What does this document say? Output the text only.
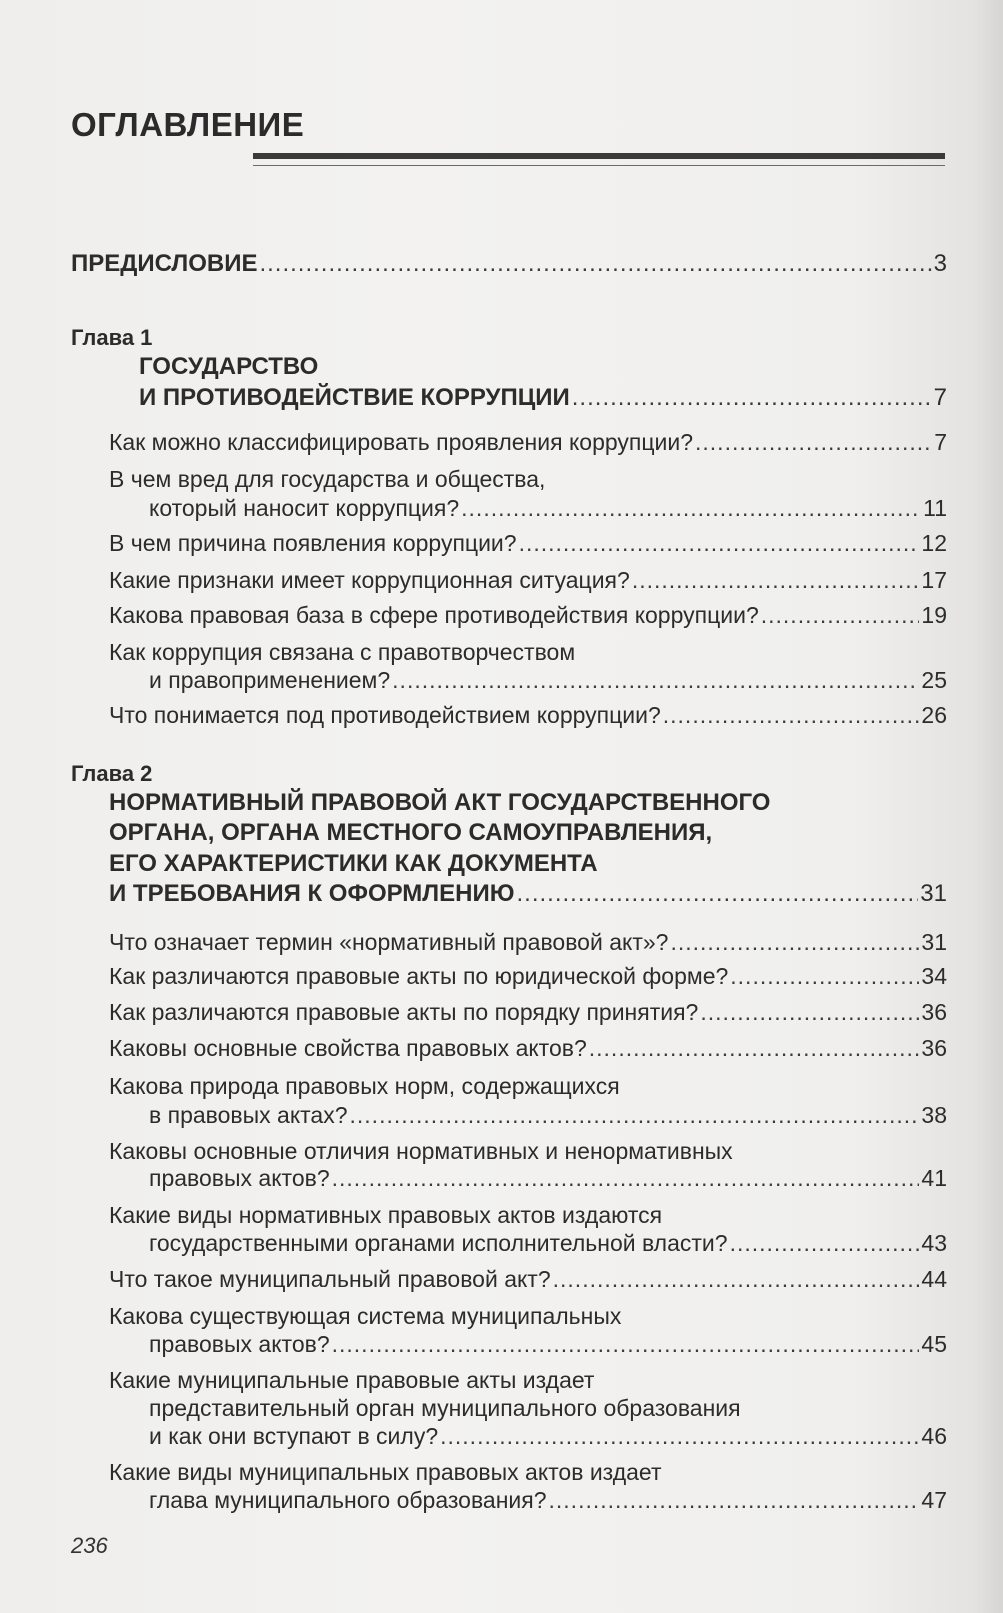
ОГЛАВЛЕНИЕ
ПРЕДИСЛОВИЕ .....	3
Глава 1
ГОСУДАРСТВО
И ПРОТИВОДЕЙСТВИЕ КОРРУПЦИИ .....	7
Как можно классифицировать проявления коррупции? .....	7
В чем вред для государства и общества,
который наносит коррупция? .....	11
В чем причина появления коррупции? .....	12
Какие признаки имеет коррупционная ситуация? .....	17
Какова правовая база в сфере противодействия коррупции? .....	19
Как коррупция связана с правотворчеством
и правоприменением? .....	25
Что понимается под противодействием коррупции? .....	26
Глава 2
НОРМАТИВНЫЙ ПРАВОВОЙ АКТ ГОСУДАРСТВЕННОГО
ОРГАНА, ОРГАНА МЕСТНОГО САМОУПРАВЛЕНИЯ,
ЕГО ХАРАКТЕРИСТИКИ КАК ДОКУМЕНТА
И ТРЕБОВАНИЯ К ОФОРМЛЕНИЮ .....	31
Что означает термин «нормативный правовой акт»? .....	31
Как различаются правовые акты по юридической форме? .....	34
Как различаются правовые акты по порядку принятия? .....	36
Каковы основные свойства правовых актов? .....	36
Какова природа правовых норм, содержащихся
в правовых актах? .....	38
Каковы основные отличия нормативных и ненормативных
правовых актов? .....	41
Какие виды нормативных правовых актов издаются
государственными органами исполнительной власти? .....	43
Что такое муниципальный правовой акт? .....	44
Какова существующая система муниципальных
правовых актов? .....	45
Какие муниципальные правовые акты издает
представительный орган муниципального образования
и как они вступают в силу? .....	46
Какие виды муниципальных правовых актов издает
глава муниципального образования? .....	47
236
